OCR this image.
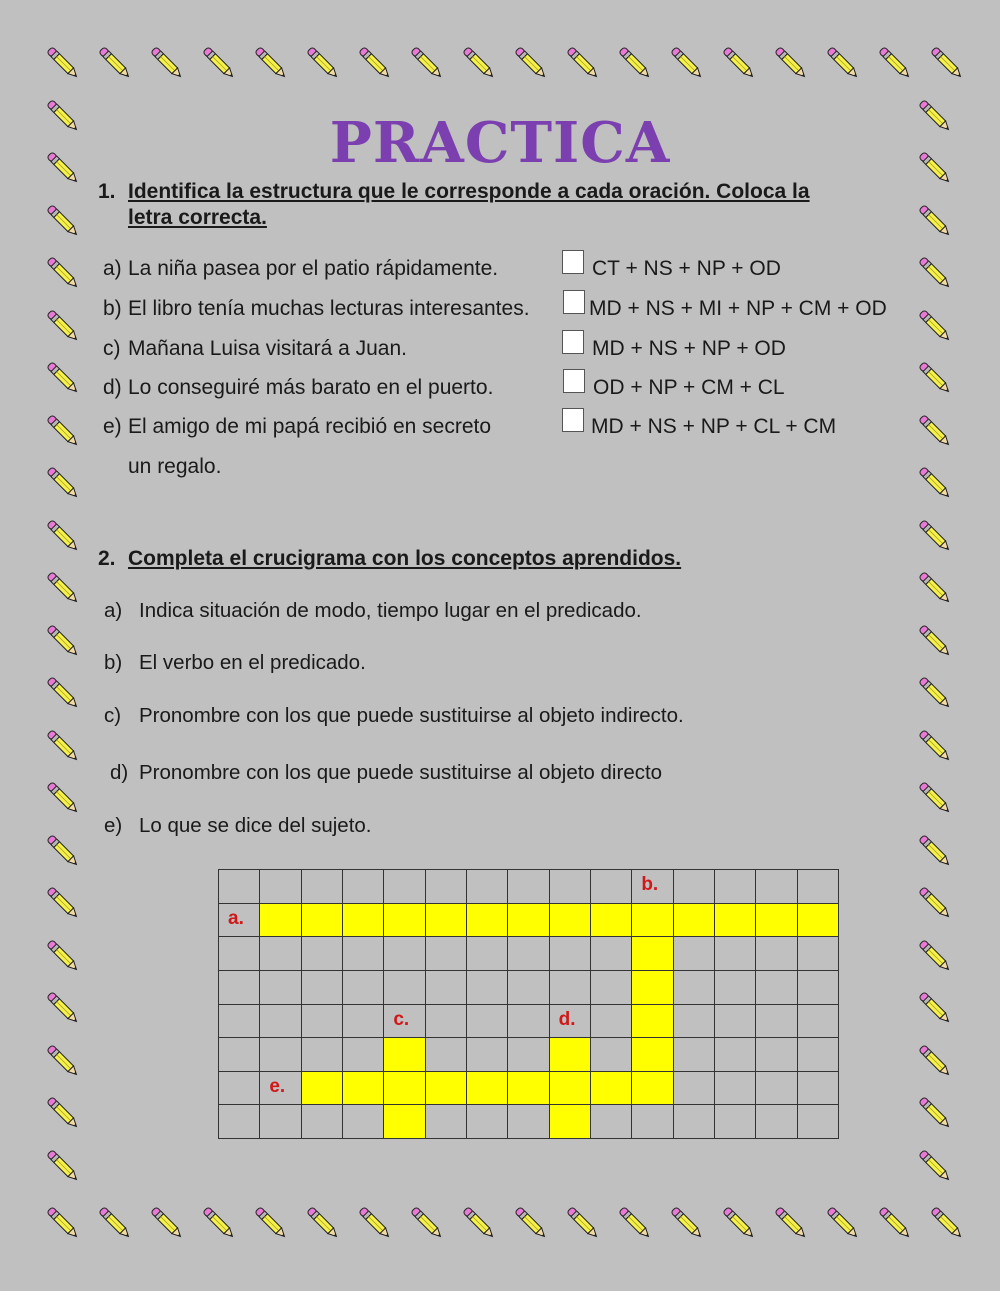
PRACTICA
1. Identifica la estructura que le corresponde a cada oración. Coloca la
letra correcta.
a) La niña pasea por el patio rápidamente.	CT + NS + NP + OD
b) El libro tenía muchas lecturas interesantes.	MD + NS + MI + NP + CM + OD
c) Mañana Luisa visitará a Juan.	MD + NS + NP + OD
d) Lo conseguiré más barato en el puerto.	OD + NP + CM + CL
e) El amigo de mi papá recibió en secreto	MD + NS + NP + CL + CM
un regalo.
2. Completa el crucigrama con los conceptos aprendidos.
a) Indica situación de modo, tiempo lugar en el predicado.
b) El verbo en el predicado.
c) Pronombre con los que puede sustituirse al objeto indirecto.
d) Pronombre con los que puede sustituirse al objeto directo
e) Lo que se dice del sujeto.
a.
b.
c.	d.
e.
